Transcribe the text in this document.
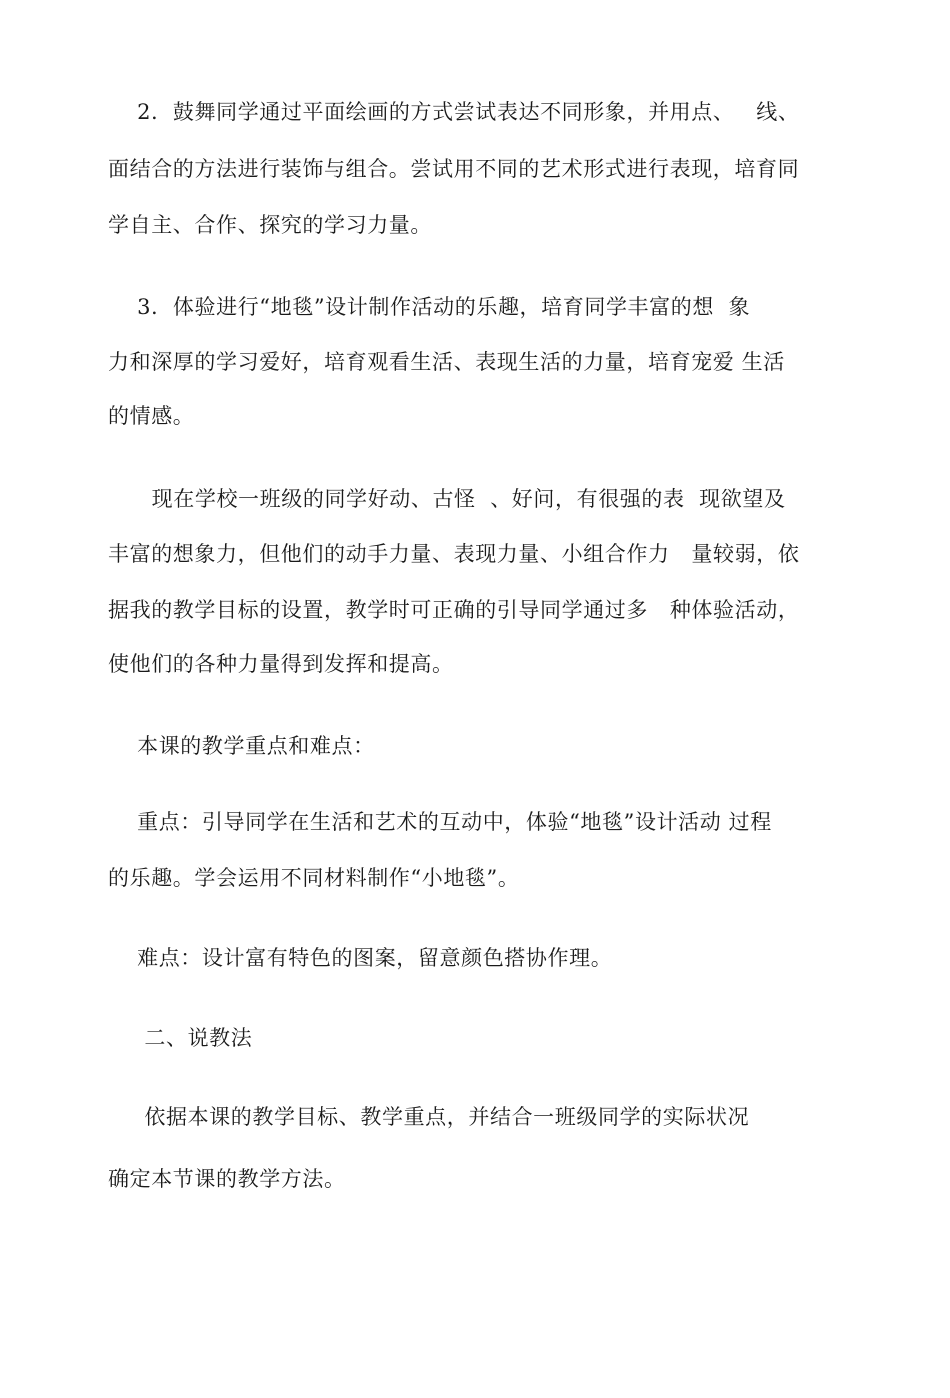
2.  鼓舞同学通过平面绘画的方式尝试表达不同形象，并用点、   线、
面结合的方法进行装饰与组合。尝试用不同的艺术形式进行表现，培育同
学自主、合作、探究的学习力量。
3.  体验进行“地毯”设计制作活动的乐趣，培育同学丰富的想  象
力和深厚的学习爱好，培育观看生活、表现生活的力量，培育宠爱 生活
的情感。
现在学校一班级的同学好动、古怪  、好问，有很强的表  现欲望及
丰富的想象力，但他们的动手力量、表现力量、小组合作力   量较弱，依
据我的教学目标的设置，教学时可正确的引导同学通过多   种体验活动，
使他们的各种力量得到发挥和提高。
本课的教学重点和难点：
重点：引导同学在生活和艺术的互动中，体验“地毯”设计活动 过程
的乐趣。学会运用不同材料制作“小地毯”。
难点：设计富有特色的图案，留意颜色搭协作理。
二、说教法
依据本课的教学目标、教学重点，并结合一班级同学的实际状况
确定本节课的教学方法。
